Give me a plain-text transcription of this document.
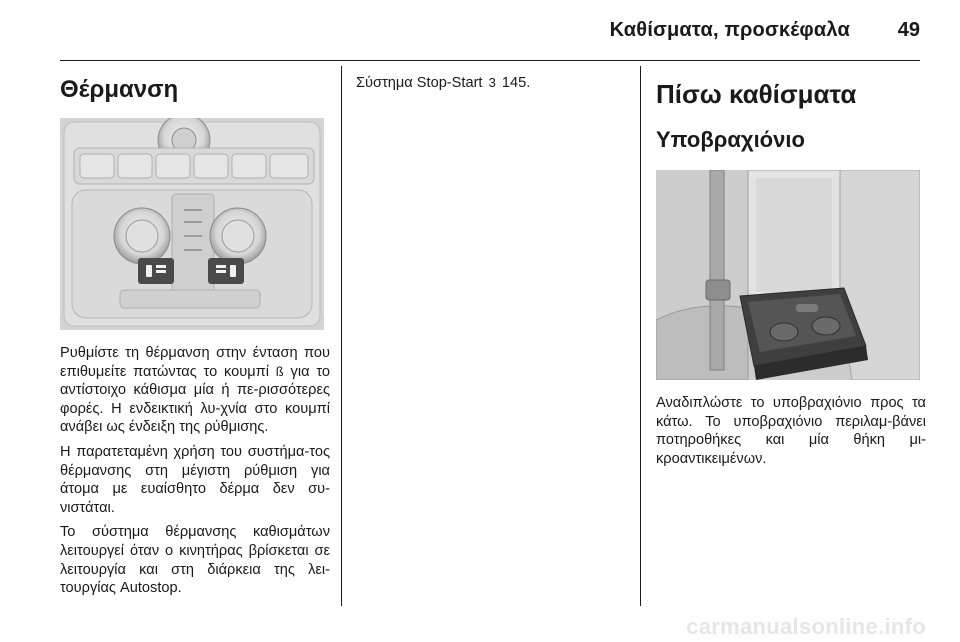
Καθίσματα, προσκέφαλα 49
Θέρμανση

Ρυθμίστε τη θέρμανση στην ένταση που επιθυμείτε πατώντας το κουμπί ß για το αντίστοιχο κάθισμα μία ή πε-ρισσότερες φορές. Η ενδεικτική λυ-χνία στο κουμπί ανάβει ως ένδειξη της ρύθμισης.

Η παρατεταμένη χρήση του συστήμα-τος θέρμανσης στη μέγιστη ρύθμιση για άτομα με ευαίσθητο δέρμα δεν συ-νιστάται.

Το σύστημα θέρμανσης καθισμάτων λειτουργεί όταν ο κινητήρας βρίσκεται σε λειτουργία και στη διάρκεια της λει-τουργίας Autostop.

Σύστημα Stop-Start 3 145.	Πίσω καθίσματα
Υποβραχιόνιο

Αναδιπλώστε το υποβραχιόνιο προς τα κάτω. Το υποβραχιόνιο περιλαμ-βάνει ποτηροθήκες και μία θήκη μι-κροαντικειμένων.

carmanualsonline.info
